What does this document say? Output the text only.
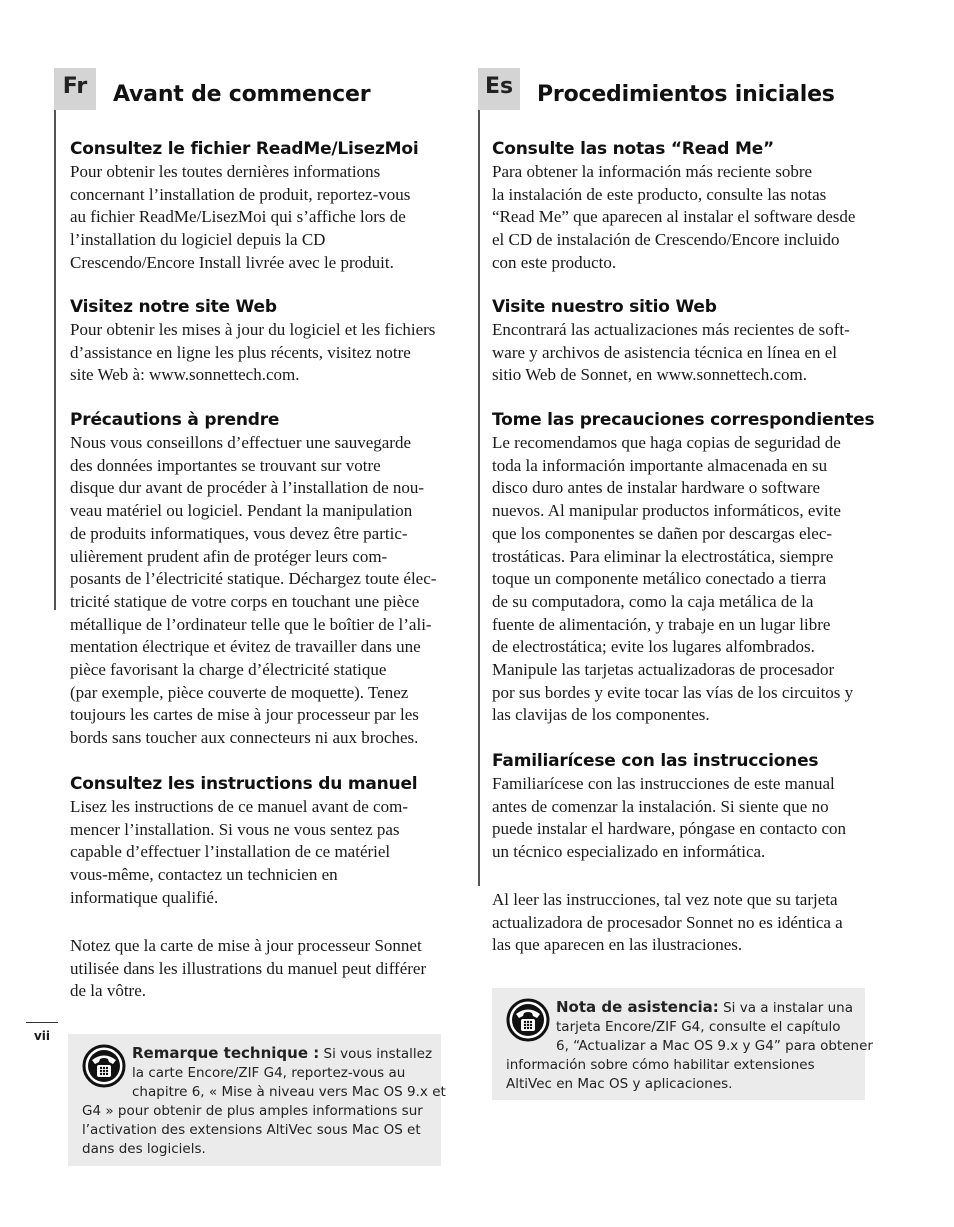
Fr	Avant de commencer
Consultez le fichier ReadMe/LisezMoi
Pour obtenir les toutes dernières informations
concernant l’installation de produit, reportez-vous
au fichier ReadMe/LisezMoi qui s’affiche lors de
l’installation du logiciel depuis la CD
Crescendo/Encore Install livrée avec le produit.
Visitez notre site Web
Pour obtenir les mises à jour du logiciel et les fichiers
d’assistance en ligne les plus récents, visitez notre
site Web à: www.sonnettech.com.
Précautions à prendre
Nous vous conseillons d’effectuer une sauvegarde
des données importantes se trouvant sur votre
disque dur avant de procéder à l’installation de nou-
veau matériel ou logiciel. Pendant la manipulation
de produits informatiques, vous devez être partic-
ulièrement prudent afin de protéger leurs com-
posants de l’électricité statique. Déchargez toute élec-
tricité statique de votre corps en touchant une pièce
métallique de l’ordinateur telle que le boîtier de l’ali-
mentation électrique et évitez de travailler dans une
pièce favorisant la charge d’électricité statique
(par exemple, pièce couverte de moquette). Tenez
toujours les cartes de mise à jour processeur par les
bords sans toucher aux connecteurs ni aux broches.
Consultez les instructions du manuel
Lisez les instructions de ce manuel avant de com-
mencer l’installation. Si vous ne vous sentez pas
capable d’effectuer l’installation de ce matériel
vous-même, contactez un technicien en
informatique qualifié.
Notez que la carte de mise à jour processeur Sonnet
utilisée dans les illustrations du manuel peut différer
de la vôtre.
Es	Procedimientos iniciales
Consulte las notas “Read Me”
Para obtener la información más reciente sobre
la instalación de este producto, consulte las notas
“Read Me” que aparecen al instalar el software desde
el CD de instalación de Crescendo/Encore incluido
con este producto.
Visite nuestro sitio Web
Encontrará las actualizaciones más recientes de soft-
ware y archivos de asistencia técnica en línea en el
sitio Web de Sonnet, en www.sonnettech.com.
Tome las precauciones correspondientes
Le recomendamos que haga copias de seguridad de
toda la información importante almacenada en su
disco duro antes de instalar hardware o software
nuevos. Al manipular productos informáticos, evite
que los componentes se dañen por descargas elec-
trostáticas. Para eliminar la electrostática, siempre
toque un componente metálico conectado a tierra
de su computadora, como la caja metálica de la
fuente de alimentación, y trabaje en un lugar libre
de electrostática; evite los lugares alfombrados.
Manipule las tarjetas actualizadoras de procesador
por sus bordes y evite tocar las vías de los circuitos y
las clavijas de los componentes.
Familiarícese con las instrucciones
Familiarícese con las instrucciones de este manual
antes de comenzar la instalación. Si siente que no
puede instalar el hardware, póngase en contacto con
un técnico especializado en informática.
Al leer las instrucciones, tal vez note que su tarjeta
actualizadora de procesador Sonnet no es idéntica a
las que aparecen en las ilustraciones.
Remarque technique : Si vous installez
la carte Encore/ZIF G4, reportez-vous au
chapitre 6, « Mise à niveau vers Mac OS 9.x et
G4 » pour obtenir de plus amples informations sur
l’activation des extensions AltiVec sous Mac OS et
dans des logiciels.
Nota de asistencia: Si va a instalar una
tarjeta Encore/ZIF G4, consulte el capítulo
6, “Actualizar a Mac OS 9.x y G4” para obtener
información sobre cómo habilitar extensiones
AltiVec en Mac OS y aplicaciones.
vii
